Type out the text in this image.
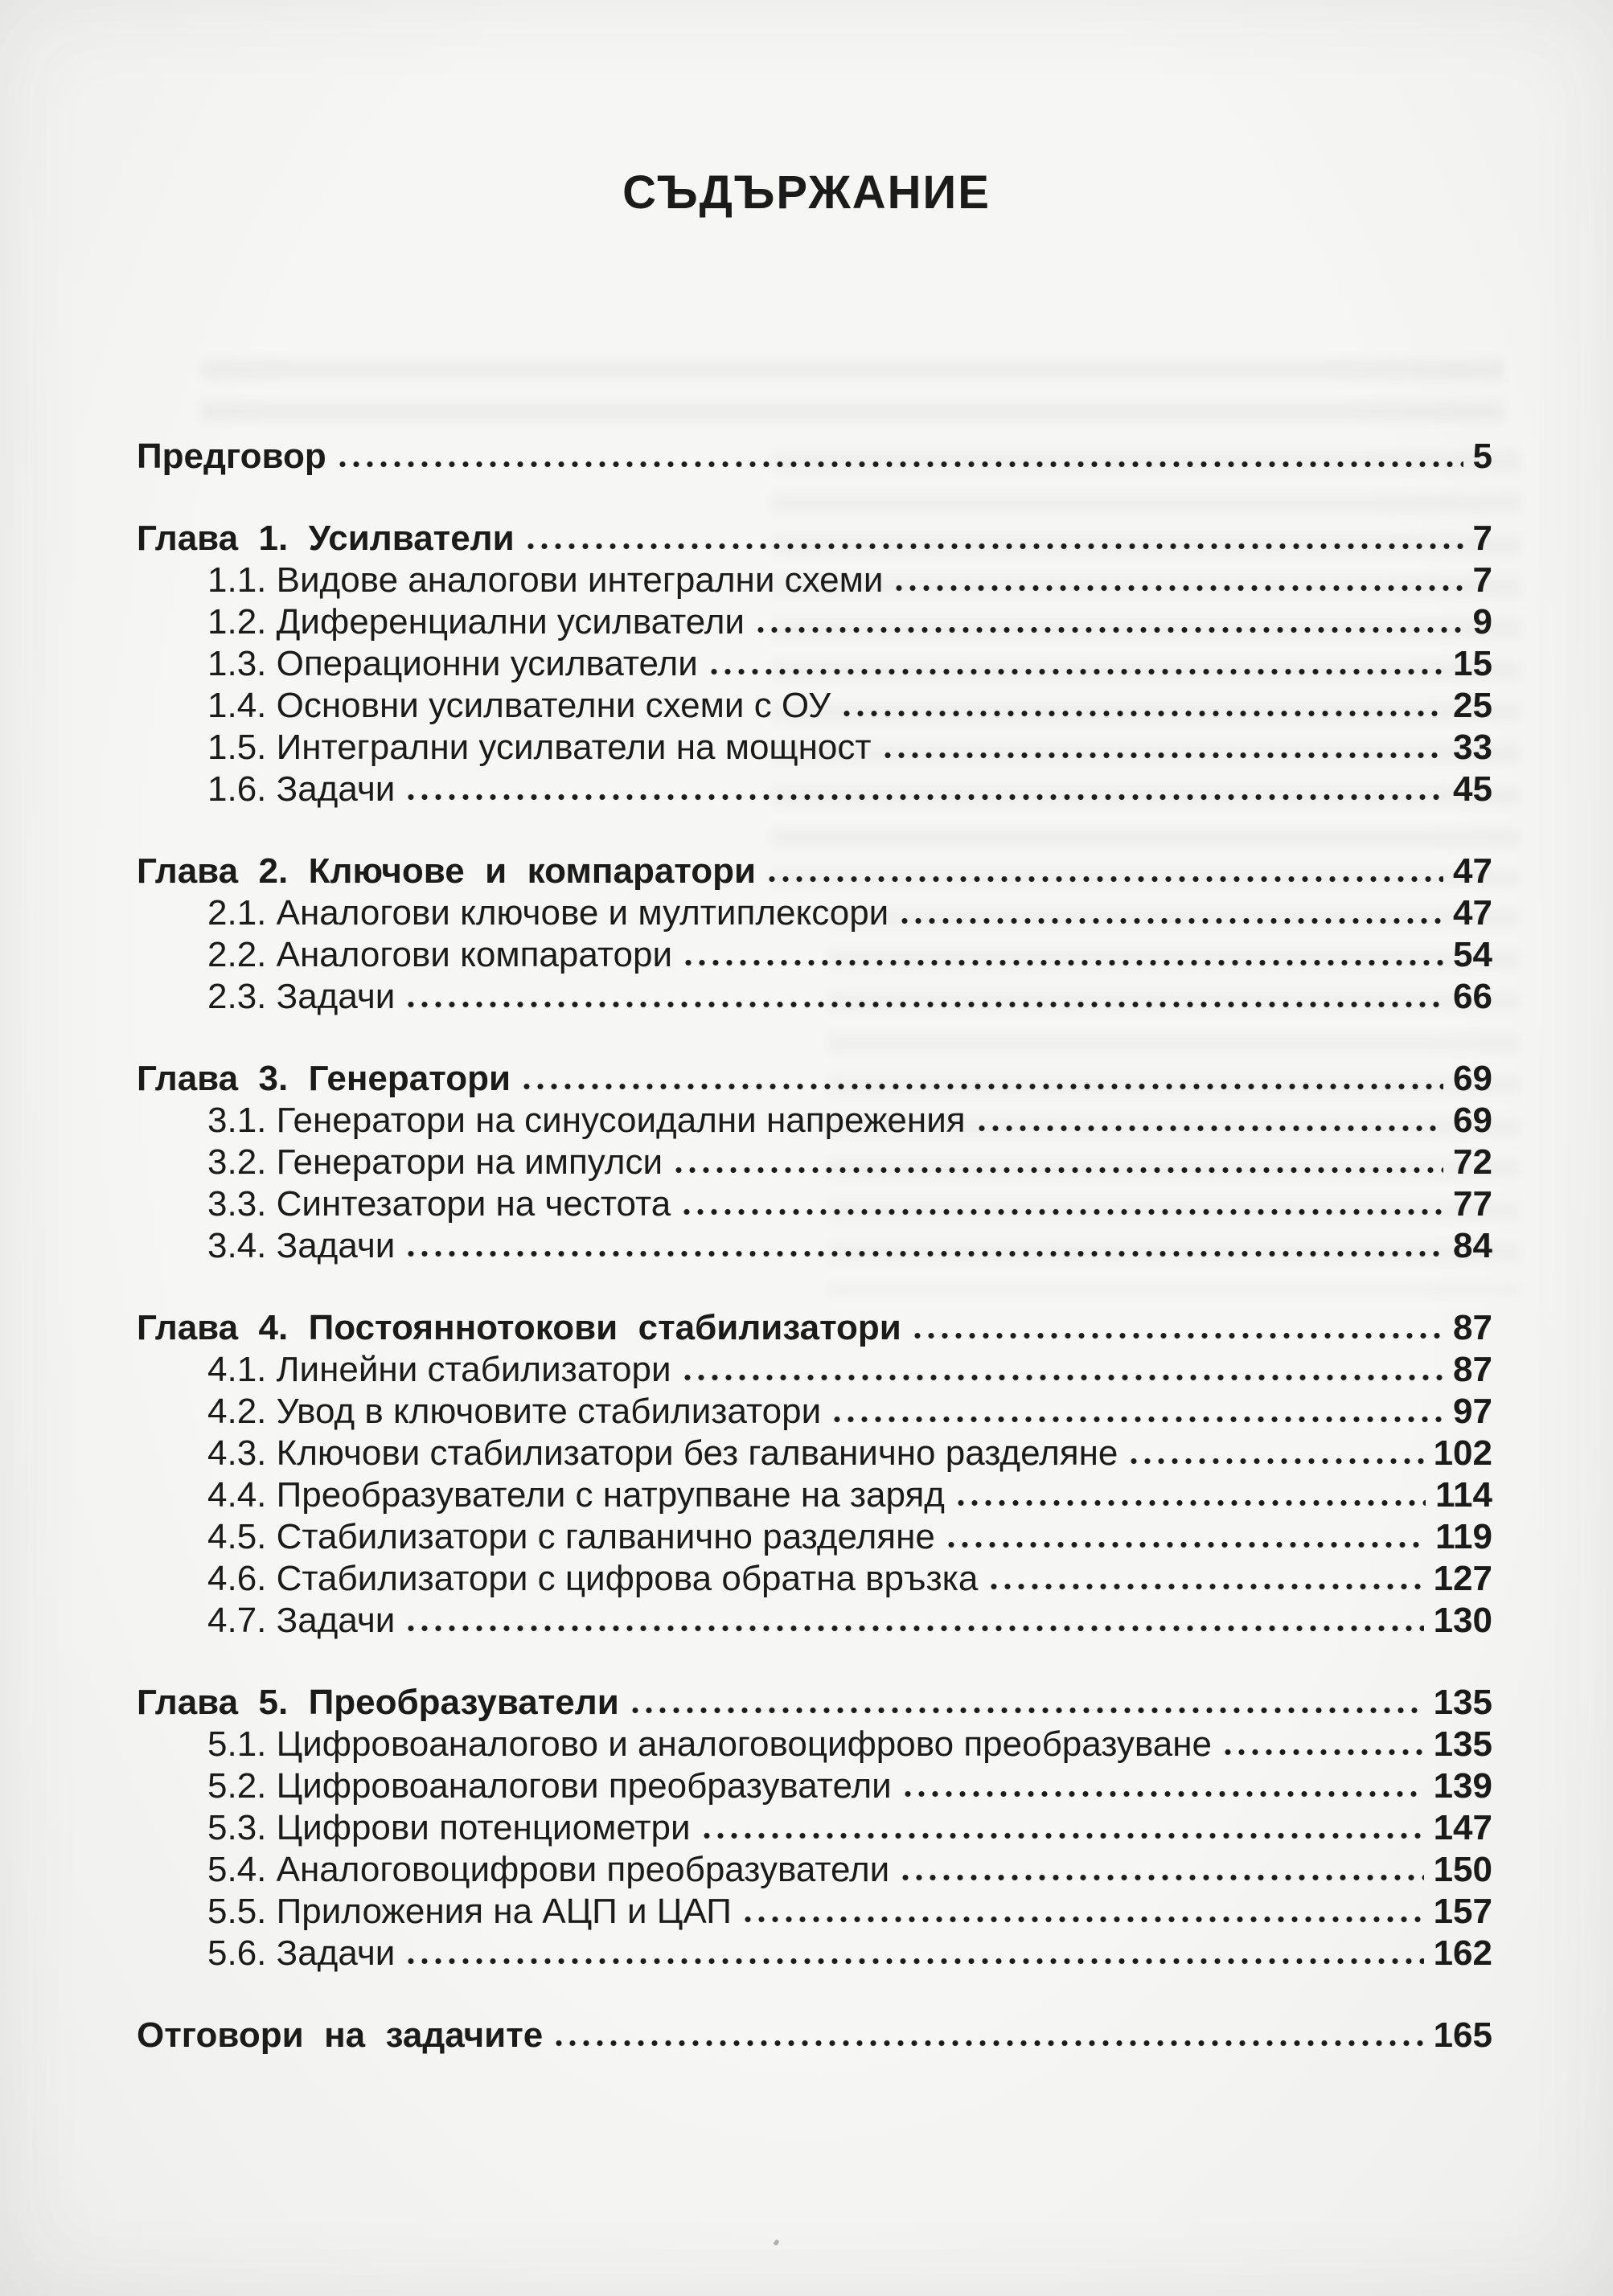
СЪДЪРЖАНИЕ
Предговор	5
Глава 1. Усилватели	7
1.1. Видове аналогови интегрални схеми	7
1.2. Диференциални усилватели	9
1.3. Операционни усилватели	15
1.4. Основни усилвателни схеми с ОУ	25
1.5. Интегрални усилватели на мощност	33
1.6. Задачи	45
Глава 2. Ключове и компаратори	47
2.1. Аналогови ключове и мултиплексори	47
2.2. Аналогови компаратори	54
2.3. Задачи	66
Глава 3. Генератори	69
3.1. Генератори на синусоидални напрежения	69
3.2. Генератори на импулси	72
3.3. Синтезатори на честота	77
3.4. Задачи	84
Глава 4. Постояннотокови стабилизатори	87
4.1. Линейни стабилизатори	87
4.2. Увод в ключовите стабилизатори	97
4.3. Ключови стабилизатори без галванично разделяне	102
4.4. Преобразуватели с натрупване на заряд	114
4.5. Стабилизатори с галванично разделяне	119
4.6. Стабилизатори с цифрова обратна връзка	127
4.7. Задачи	130
Глава 5. Преобразуватели	135
5.1. Цифровоаналогово и аналоговоцифрово преобразуване	135
5.2. Цифровоаналогови преобразуватели	139
5.3. Цифрови потенциометри	147
5.4. Аналоговоцифрови преобразуватели	150
5.5. Приложения на АЦП и ЦАП	157
5.6. Задачи	162
Отговори на задачите	165
